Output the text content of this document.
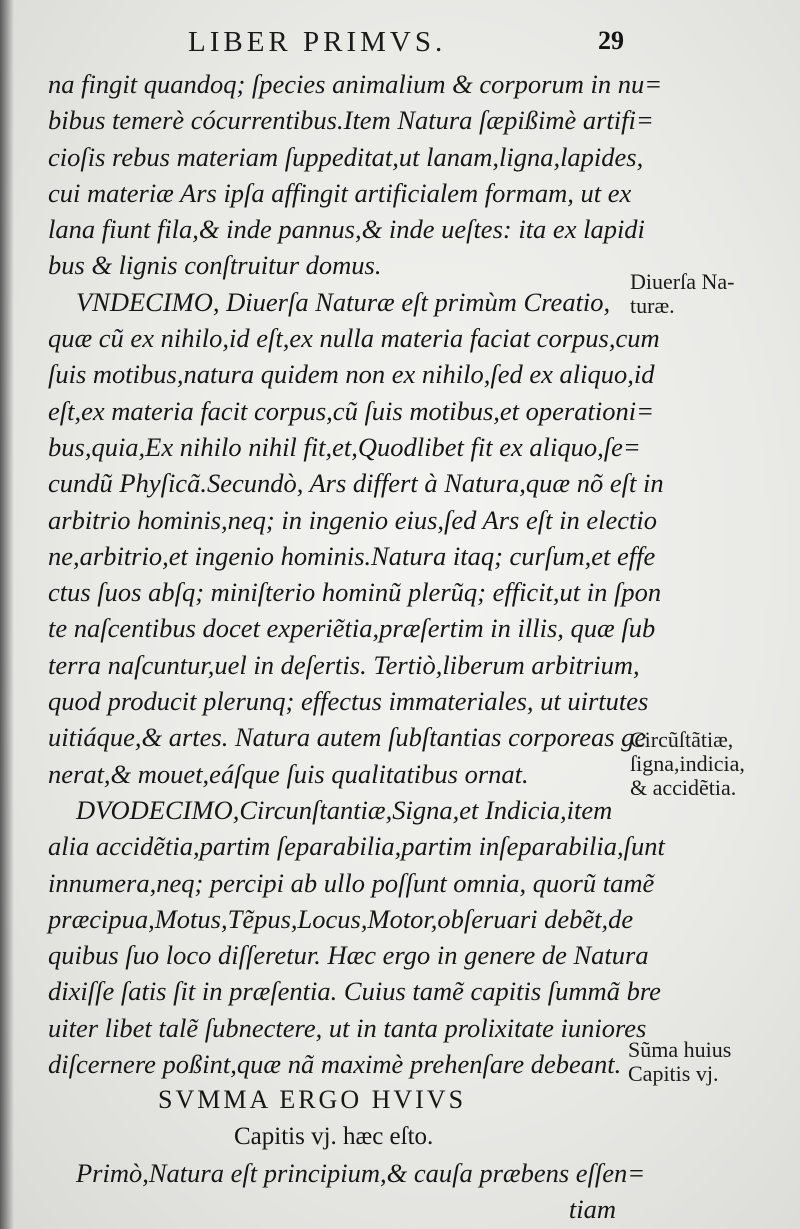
LIBER PRIMVS.	29
na fingit quandoq; ſpecies animalium & corporum in nu=
bibus temerè cócurrentibus.Item Natura ſæpißimè artifi=
cioſis rebus materiam ſuppeditat,ut lanam,ligna,lapides,
cui materiæ Ars ipſa affingit artificialem formam, ut ex
lana fiunt fila,& inde pannus,& inde ueſtes: ita ex lapidi
bus & lignis conſtruitur domus.
VNDECIMO, Diuerſa Naturæ eſt primùm Creatio,
quæ cũ ex nihilo,id eſt,ex nulla materia faciat corpus,cum
ſuis motibus,natura quidem non ex nihilo,ſed ex aliquo,id
eſt,ex materia facit corpus,cũ ſuis motibus,et operationi=
bus,quia,Ex nihilo nihil fit,et,Quodlibet fit ex aliquo,ſe=
cundũ Phyſicã.Secundò, Ars differt à Natura,quæ nõ eſt in
arbitrio hominis,neq; in ingenio eius,ſed Ars eſt in electio
ne,arbitrio,et ingenio hominis.Natura itaq; curſum,et effe
ctus ſuos abſq; miniſterio hominũ plerũq; efficit,ut in ſpon
te naſcentibus docet experiẽtia,præſertim in illis, quæ ſub
terra naſcuntur,uel in deſertis. Tertiò,liberum arbitrium,
quod producit plerunq; effectus immateriales, ut uirtutes
uitiáque,& artes. Natura autem ſubſtantias corporeas ge
nerat,& mouet,eáſque ſuis qualitatibus ornat.
DVODECIMO,Circunſtantiæ,Signa,et Indicia,item
alia accidẽtia,partim ſeparabilia,partim inſeparabilia,ſunt
innumera,neq; percipi ab ullo poſſunt omnia, quorũ tamẽ
præcipua,Motus,Tẽpus,Locus,Motor,obſeruari debẽt,de
quibus ſuo loco diſſeretur. Hæc ergo in genere de Natura
dixiſſe ſatis ſit in præſentia. Cuius tamẽ capitis ſummã bre
uiter libet talẽ ſubnectere, ut in tanta prolixitate iuniores
diſcernere poßint,quæ nã maximè prehenſare debeant.
SVMMA ERGO HVIVS
Capitis vj. hæc eſto.
Primò,Natura eſt principium,& cauſa præbens eſſen=
tiam
Diuerſa Na-
turæ.
Circũſtãtiæ,
ſigna,indicia,
& accidẽtia.
Sũma huius
Capitis vj.
